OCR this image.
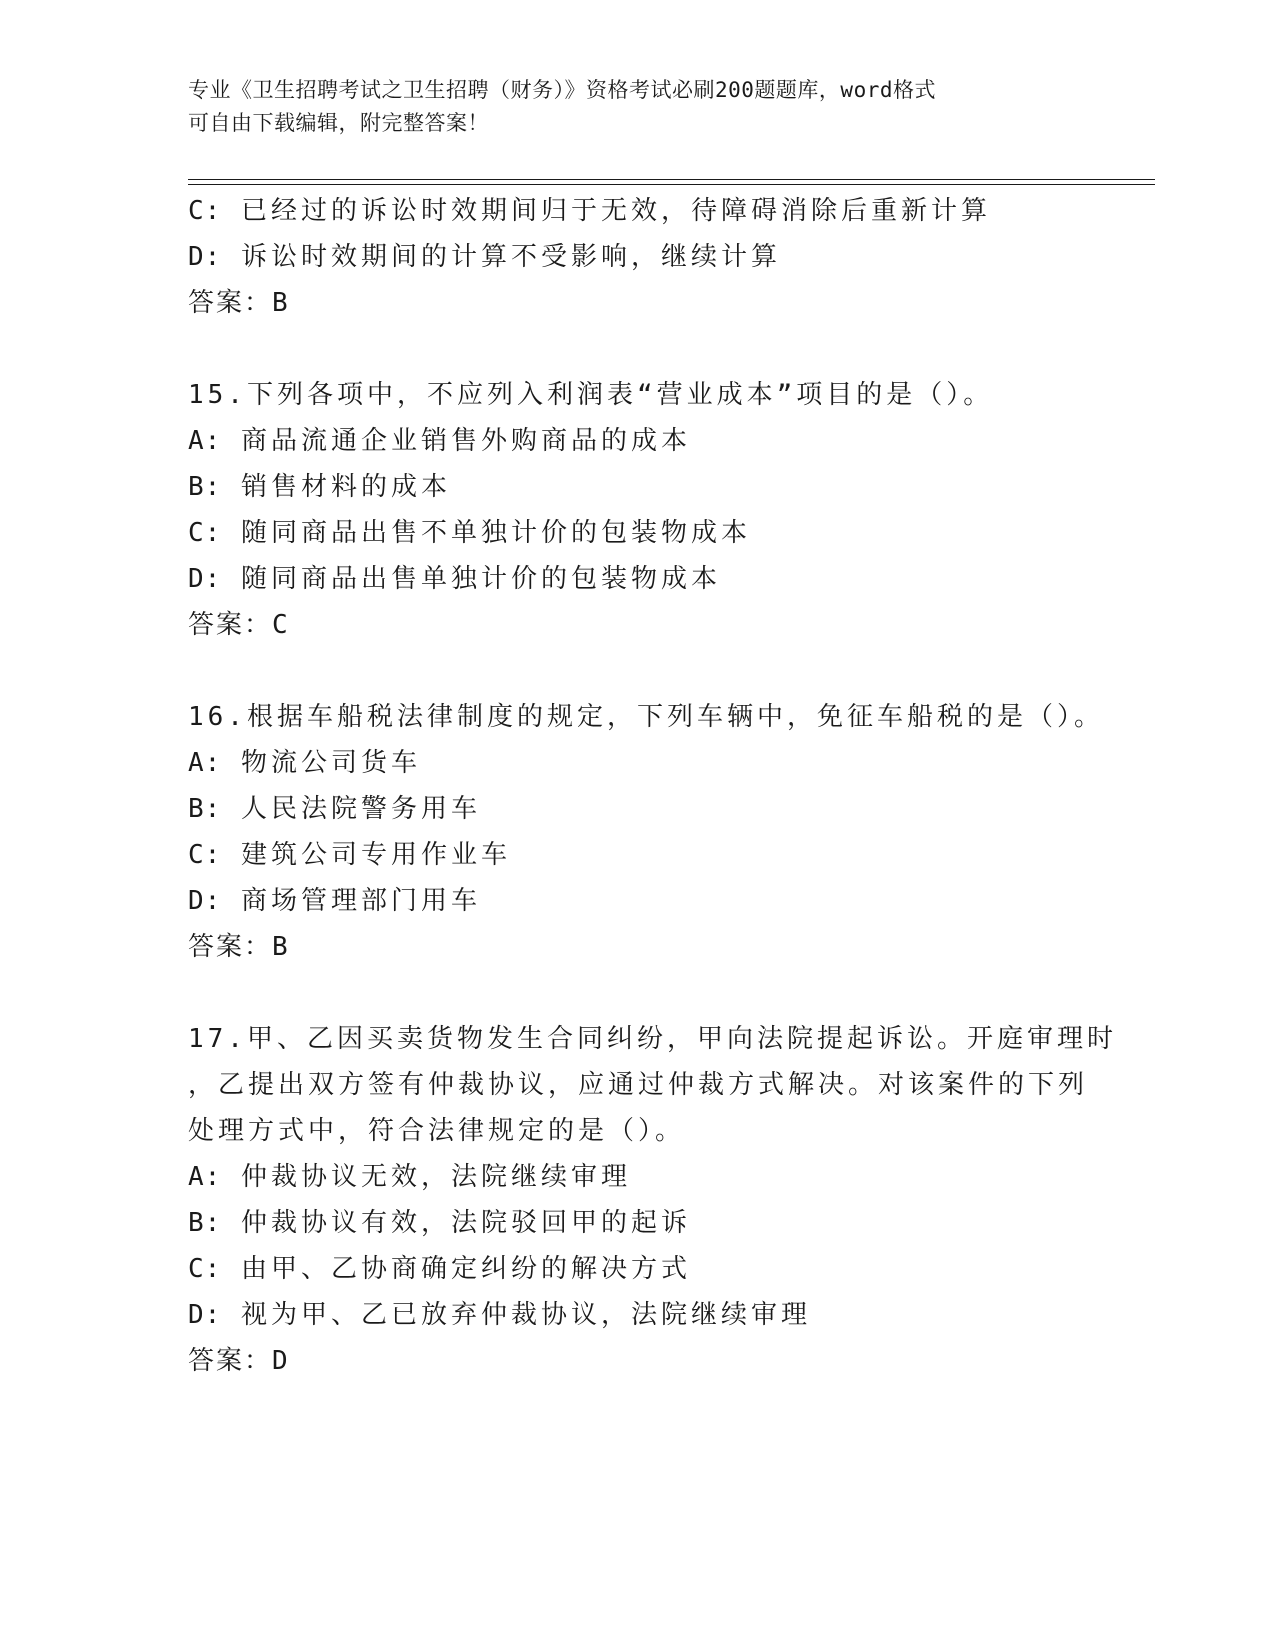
专业《卫生招聘考试之卫生招聘（财务）》资格考试必刷200题题库，word格式
可自由下载编辑，附完整答案！
C: 已经过的诉讼时效期间归于无效，待障碍消除后重新计算
D: 诉讼时效期间的计算不受影响，继续计算
答案：B
15.下列各项中，不应列入利润表“营业成本”项目的是（）。
A: 商品流通企业销售外购商品的成本
B: 销售材料的成本
C: 随同商品出售不单独计价的包装物成本
D: 随同商品出售单独计价的包装物成本
答案：C
16.根据车船税法律制度的规定，下列车辆中，免征车船税的是（）。
A: 物流公司货车
B: 人民法院警务用车
C: 建筑公司专用作业车
D: 商场管理部门用车
答案：B
17.甲、乙因买卖货物发生合同纠纷，甲向法院提起诉讼。开庭审理时
，乙提出双方签有仲裁协议，应通过仲裁方式解决。对该案件的下列
处理方式中，符合法律规定的是（）。
A: 仲裁协议无效，法院继续审理
B: 仲裁协议有效，法院驳回甲的起诉
C: 由甲、乙协商确定纠纷的解决方式
D: 视为甲、乙已放弃仲裁协议，法院继续审理
答案：D
